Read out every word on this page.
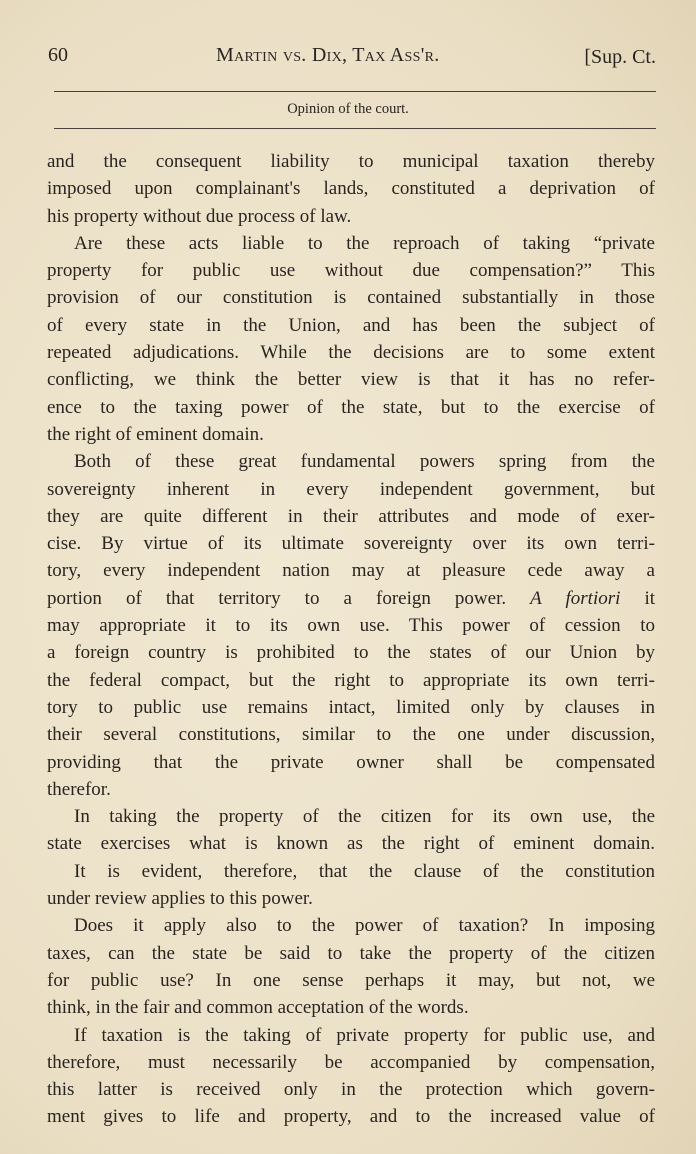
60	Martin vs. Dix, Tax Ass'r.	[Sup. Ct.
Opinion of the court.
and the consequent liability to municipal taxation thereby
imposed upon complainant's lands, constituted a deprivation of
his property without due process of law.
Are these acts liable to the reproach of taking “private
property for public use without due compensation?” This
provision of our constitution is contained substantially in those
of every state in the Union, and has been the subject of
repeated adjudications. While the decisions are to some extent
conflicting, we think the better view is that it has no refer-
ence to the taxing power of the state, but to the exercise of
the right of eminent domain.
Both of these great fundamental powers spring from the
sovereignty inherent in every independent government, but
they are quite different in their attributes and mode of exer-
cise. By virtue of its ultimate sovereignty over its own terri-
tory, every independent nation may at pleasure cede away a
portion of that territory to a foreign power. A fortiori it
may appropriate it to its own use. This power of cession to
a foreign country is prohibited to the states of our Union by
the federal compact, but the right to appropriate its own terri-
tory to public use remains intact, limited only by clauses in
their several constitutions, similar to the one under discussion,
providing that the private owner shall be compensated
therefor.
In taking the property of the citizen for its own use, the
state exercises what is known as the right of eminent domain.
It is evident, therefore, that the clause of the constitution
under review applies to this power.
Does it apply also to the power of taxation? In imposing
taxes, can the state be said to take the property of the citizen
for public use? In one sense perhaps it may, but not, we
think, in the fair and common acceptation of the words.
If taxation is the taking of private property for public use, and
therefore, must necessarily be accompanied by compensation,
this latter is received only in the protection which govern-
ment gives to life and property, and to the increased value of
